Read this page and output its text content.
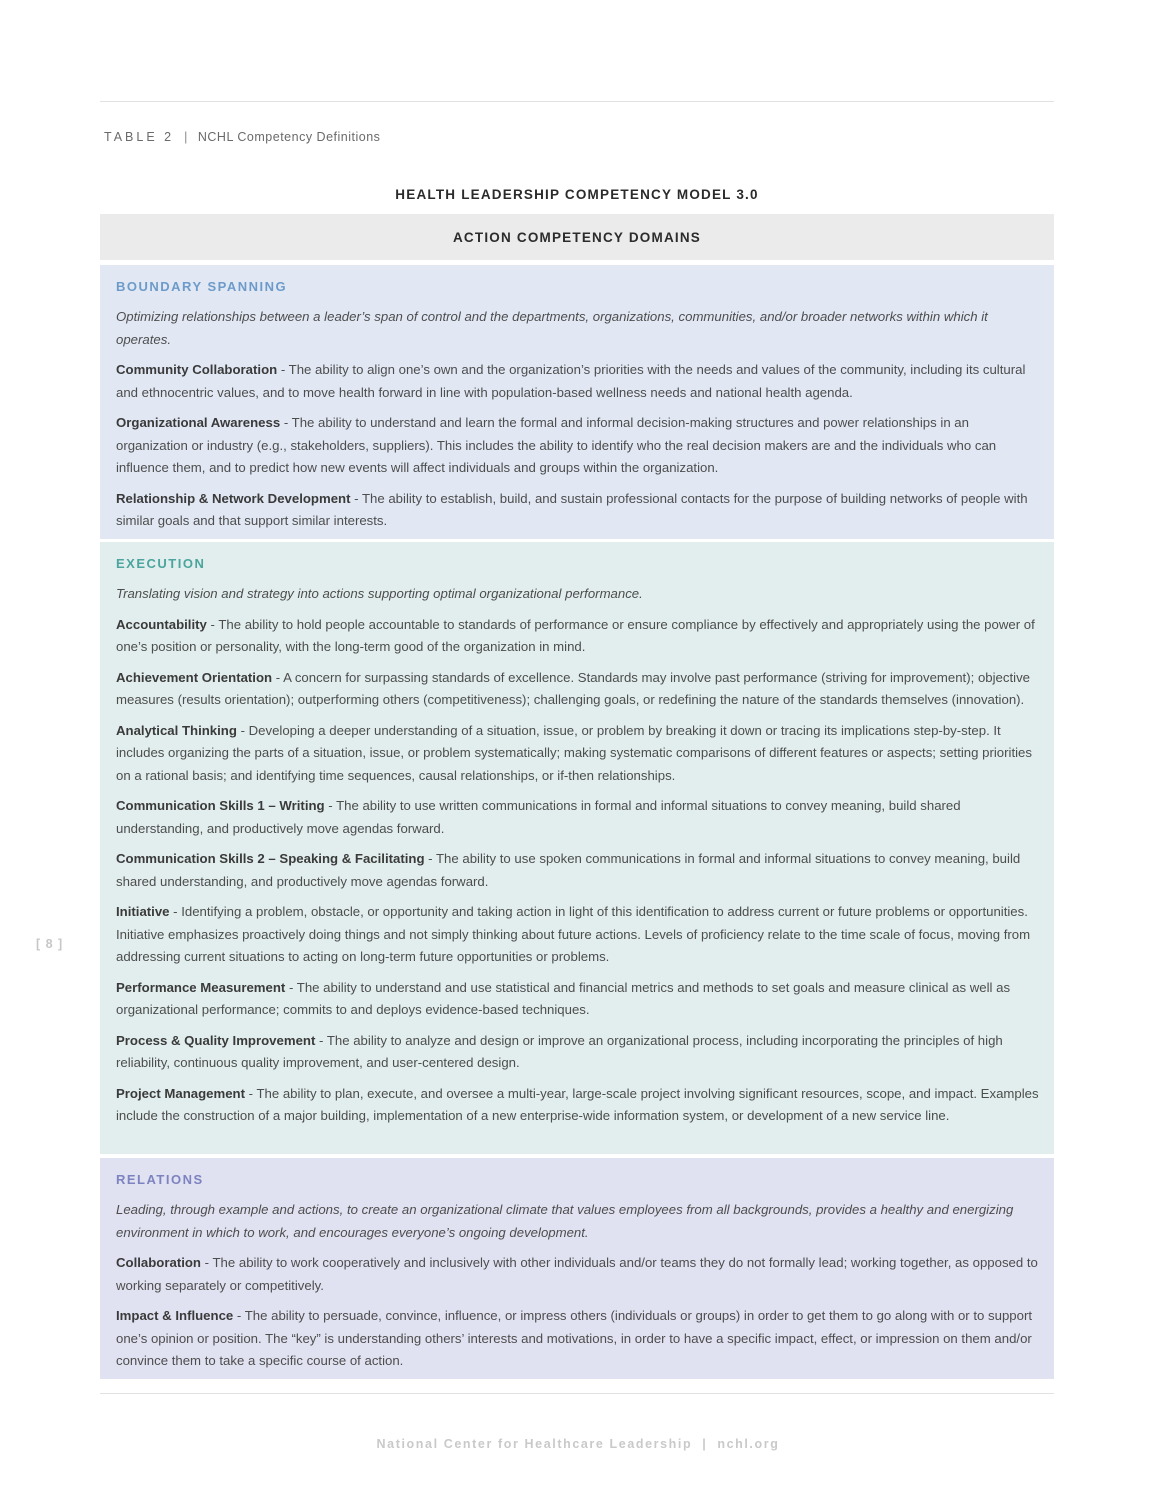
TABLE 2 | NCHL Competency Definitions
HEALTH LEADERSHIP COMPETENCY MODEL 3.0
ACTION COMPETENCY DOMAINS
BOUNDARY SPANNING

Optimizing relationships between a leader’s span of control and the departments, organizations, communities, and/or broader networks within which it operates.

Community Collaboration - The ability to align one’s own and the organization’s priorities with the needs and values of the community, including its cultural and ethnocentric values, and to move health forward in line with population-based wellness needs and national health agenda.

Organizational Awareness - The ability to understand and learn the formal and informal decision-making structures and power relationships in an organization or industry (e.g., stakeholders, suppliers). This includes the ability to identify who the real decision makers are and the individuals who can influence them, and to predict how new events will affect individuals and groups within the organization.

Relationship & Network Development - The ability to establish, build, and sustain professional contacts for the purpose of building networks of people with similar goals and that support similar interests.

EXECUTION

Translating vision and strategy into actions supporting optimal organizational performance.

Accountability - The ability to hold people accountable to standards of performance or ensure compliance by effectively and appropriately using the power of one’s position or personality, with the long-term good of the organization in mind.

Achievement Orientation - A concern for surpassing standards of excellence. Standards may involve past performance (striving for improvement); objective measures (results orientation); outperforming others (competitiveness); challenging goals, or redefining the nature of the standards themselves (innovation).

Analytical Thinking - Developing a deeper understanding of a situation, issue, or problem by breaking it down or tracing its implications step-by-step. It includes organizing the parts of a situation, issue, or problem systematically; making systematic comparisons of different features or aspects; setting priorities on a rational basis; and identifying time sequences, causal relationships, or if-then relationships.

Communication Skills 1 – Writing - The ability to use written communications in formal and informal situations to convey meaning, build shared understanding, and productively move agendas forward.

Communication Skills 2 – Speaking & Facilitating - The ability to use spoken communications in formal and informal situations to convey meaning, build shared understanding, and productively move agendas forward.

Initiative - Identifying a problem, obstacle, or opportunity and taking action in light of this identification to address current or future problems or opportunities. Initiative emphasizes proactively doing things and not simply thinking about future actions. Levels of proficiency relate to the time scale of focus, moving from addressing current situations to acting on long-term future opportunities or problems.

Performance Measurement - The ability to understand and use statistical and financial metrics and methods to set goals and measure clinical as well as organizational performance; commits to and deploys evidence-based techniques.

Process & Quality Improvement - The ability to analyze and design or improve an organizational process, including incorporating the principles of high reliability, continuous quality improvement, and user-centered design.

Project Management - The ability to plan, execute, and oversee a multi-year, large-scale project involving significant resources, scope, and impact. Examples include the construction of a major building, implementation of a new enterprise-wide information system, or development of a new service line.

RELATIONS

Leading, through example and actions, to create an organizational climate that values employees from all backgrounds, provides a healthy and energizing environment in which to work, and encourages everyone’s ongoing development.

Collaboration - The ability to work cooperatively and inclusively with other individuals and/or teams they do not formally lead; working together, as opposed to working separately or competitively.

Impact & Influence - The ability to persuade, convince, influence, or impress others (individuals or groups) in order to get them to go along with or to support one’s opinion or position. The “key” is understanding others’ interests and motivations, in order to have a specific impact, effect, or impression on them and/or convince them to take a specific course of action.

[ 8 ]
National Center for Healthcare Leadership | nchl.org
